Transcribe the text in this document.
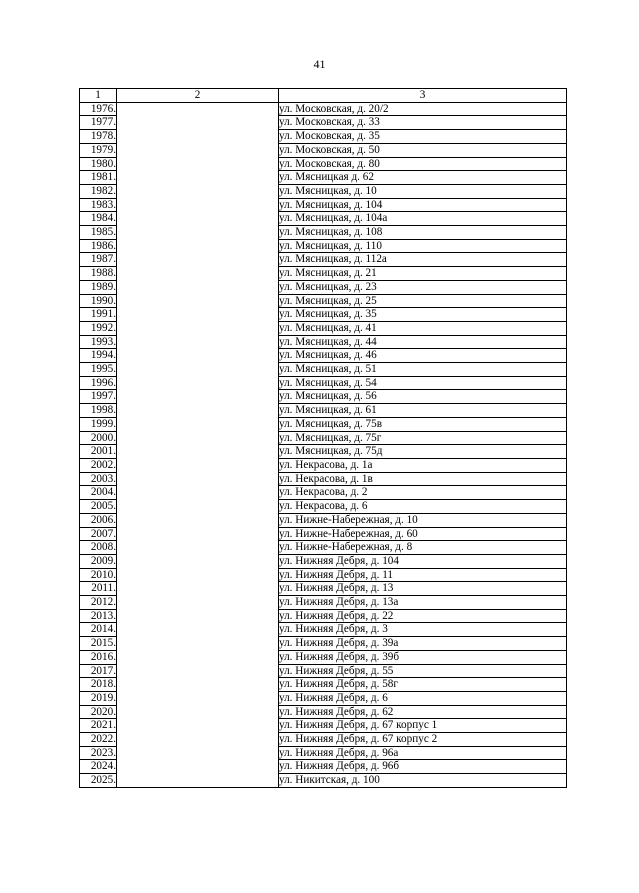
41
1	2	3
1976.		ул. Московская, д. 20/2
1977.		ул. Московская, д. 33
1978.		ул. Московская, д. 35
1979.		ул. Московская, д. 50
1980.		ул. Московская, д. 80
1981.		ул. Мясницкая д. 62
1982.		ул. Мясницкая, д. 10
1983.		ул. Мясницкая, д. 104
1984.		ул. Мясницкая, д. 104а
1985.		ул. Мясницкая, д. 108
1986.		ул. Мясницкая, д. 110
1987.		ул. Мясницкая, д. 112а
1988.		ул. Мясницкая, д. 21
1989.		ул. Мясницкая, д. 23
1990.		ул. Мясницкая, д. 25
1991.		ул. Мясницкая, д. 35
1992.		ул. Мясницкая, д. 41
1993.		ул. Мясницкая, д. 44
1994.		ул. Мясницкая, д. 46
1995.		ул. Мясницкая, д. 51
1996.		ул. Мясницкая, д. 54
1997.		ул. Мясницкая, д. 56
1998.		ул. Мясницкая, д. 61
1999.		ул. Мясницкая, д. 75в
2000.		ул. Мясницкая, д. 75г
2001.		ул. Мясницкая, д. 75д
2002.		ул. Некрасова, д. 1а
2003.		ул. Некрасова, д. 1в
2004.		ул. Некрасова, д. 2
2005.		ул. Некрасова, д. 6
2006.		ул. Нижне-Набережная, д. 10
2007.		ул. Нижне-Набережная, д. 60
2008.		ул. Нижне-Набережная, д. 8
2009.		ул. Нижняя Дебря, д. 104
2010.		ул. Нижняя Дебря, д. 11
2011.		ул. Нижняя Дебря, д. 13
2012.		ул. Нижняя Дебря, д. 13а
2013.		ул. Нижняя Дебря, д. 22
2014.		ул. Нижняя Дебря, д. 3
2015.		ул. Нижняя Дебря, д. 39а
2016.		ул. Нижняя Дебря, д. 39б
2017.		ул. Нижняя Дебря, д. 55
2018.		ул. Нижняя Дебря, д. 58г
2019.		ул. Нижняя Дебря, д. 6
2020.		ул. Нижняя Дебря, д. 62
2021.		ул. Нижняя Дебря, д. 67 корпус 1
2022.		ул. Нижняя Дебря, д. 67 корпус 2
2023.		ул. Нижняя Дебря, д. 96а
2024.		ул. Нижняя Дебря, д. 96б
2025.		ул. Никитская, д. 100
